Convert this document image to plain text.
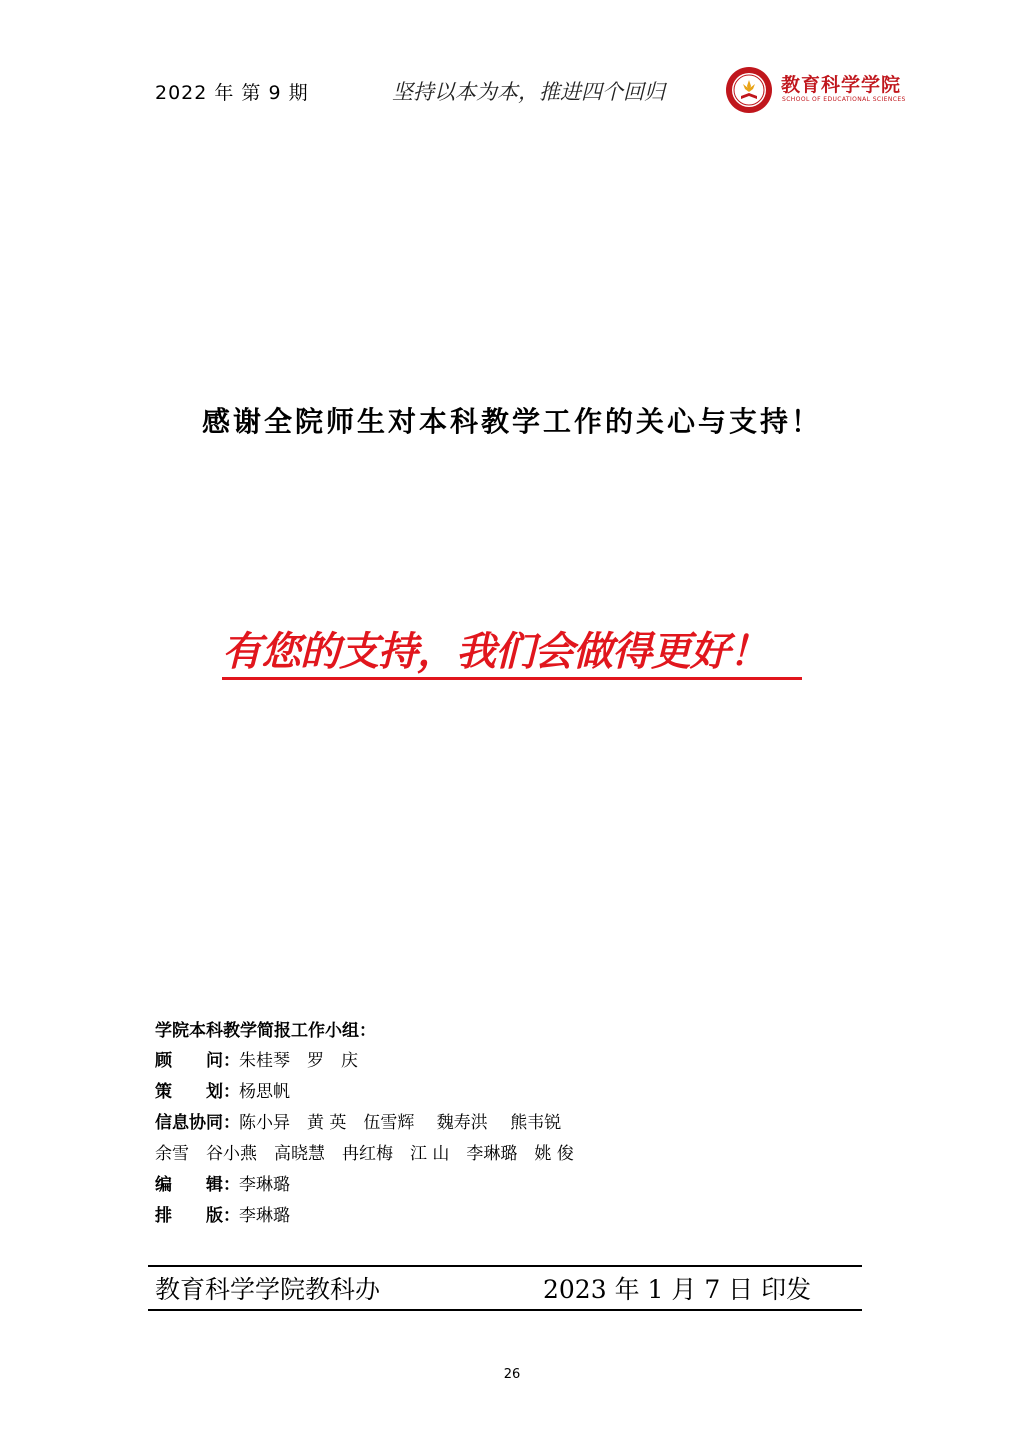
2022 年 第 9 期	坚持以本为本，推进四个回归	教育科学学院
SCHOOL OF EDUCATIONAL SCIENCES
感谢全院师生对本科教学工作的关心与支持！
有您的支持，我们会做得更好！
学院本科教学简报工作小组：
顾　　问：朱桂琴　罗　庆
策　　划：杨思帆
信息协同：陈小异　黄 英　伍雪辉　 魏寿洪　 熊韦锐
余雪　谷小燕　高晓慧　冉红梅　江 山　李琳璐　姚 俊
编　　辑：李琳璐
排　　版：李琳璐
教育科学学院教科办	2023 年 1 月 7 日 印发
26
